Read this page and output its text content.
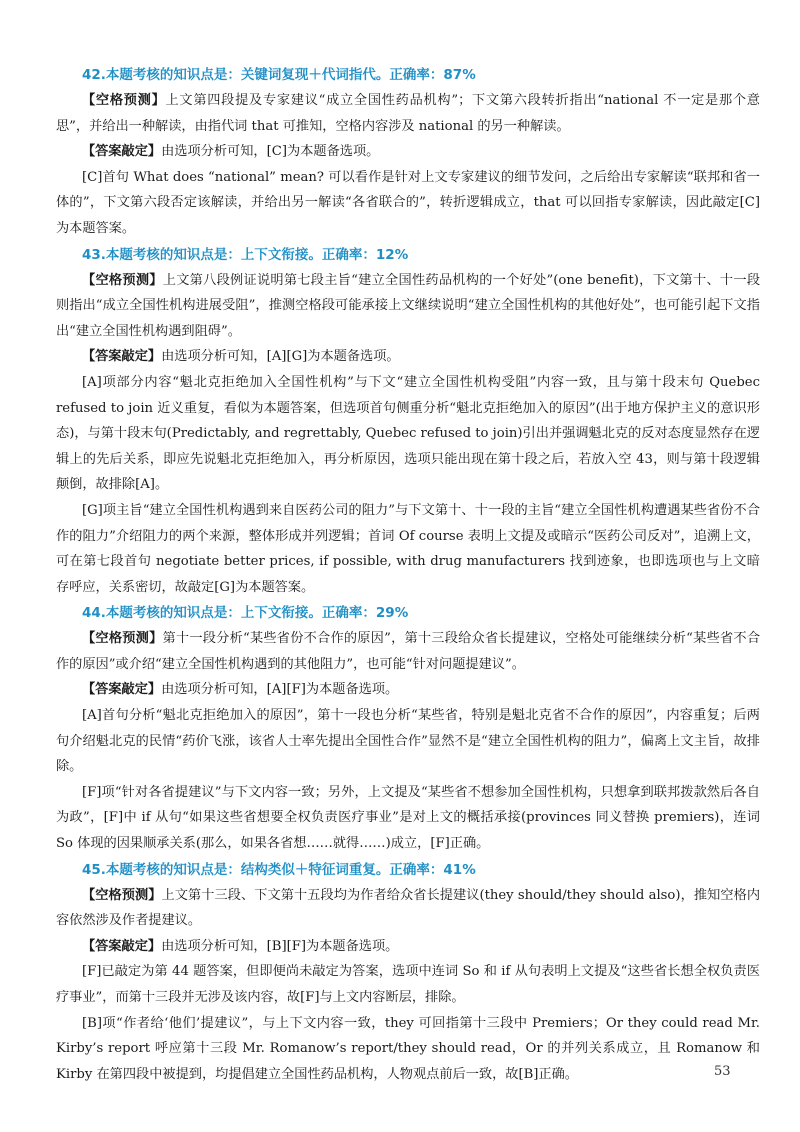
42.本题考核的知识点是：关键词复现＋代词指代。正确率：87%

【空格预测】上文第四段提及专家建议“成立全国性药品机构”；下文第六段转折指出“national 不一定是那个意思”，并给出一种解读，由指代词 that 可推知，空格内容涉及 national 的另一种解读。

【答案敲定】由选项分析可知，[C]为本题备选项。

[C]首句 What does “national” mean? 可以看作是针对上文专家建议的细节发问，之后给出专家解读“联邦和省一体的”，下文第六段否定该解读，并给出另一解读“各省联合的”，转折逻辑成立，that 可以回指专家解读，因此敲定[C]为本题答案。

43.本题考核的知识点是：上下文衔接。正确率：12%

【空格预测】上文第八段例证说明第七段主旨“建立全国性药品机构的一个好处”(one benefit)，下文第十、十一段则指出“成立全国性机构进展受阻”，推测空格段可能承接上文继续说明“建立全国性机构的其他好处”，也可能引起下文指出“建立全国性机构遇到阻碍”。

【答案敲定】由选项分析可知，[A][G]为本题备选项。

[A]项部分内容“魁北克拒绝加入全国性机构”与下文“建立全国性机构受阻”内容一致，且与第十段末句 Quebec refused to join 近义重复，看似为本题答案，但选项首句侧重分析“魁北克拒绝加入的原因”(出于地方保护主义的意识形态)，与第十段末句(Predictably, and regrettably, Quebec refused to join)引出并强调魁北克的反对态度显然存在逻辑上的先后关系，即应先说魁北克拒绝加入，再分析原因，选项只能出现在第十段之后，若放入空 43，则与第十段逻辑颠倒，故排除[A]。

[G]项主旨“建立全国性机构遇到来自医药公司的阻力”与下文第十、十一段的主旨“建立全国性机构遭遇某些省份不合作的阻力”介绍阻力的两个来源，整体形成并列逻辑；首词 Of course 表明上文提及或暗示“医药公司反对”，追溯上文，可在第七段首句 negotiate better prices, if possible, with drug manufacturers 找到迹象，也即选项也与上文暗存呼应，关系密切，故敲定[G]为本题答案。

44.本题考核的知识点是：上下文衔接。正确率：29%

【空格预测】第十一段分析“某些省份不合作的原因”，第十三段给众省长提建议，空格处可能继续分析“某些省不合作的原因”或介绍“建立全国性机构遇到的其他阻力”，也可能“针对问题提建议”。

【答案敲定】由选项分析可知，[A][F]为本题备选项。

[A]首句分析“魁北克拒绝加入的原因”，第十一段也分析“某些省，特别是魁北克省不合作的原因”，内容重复；后两句介绍魁北克的民情“药价飞涨，该省人士率先提出全国性合作”显然不是“建立全国性机构的阻力”，偏离上文主旨，故排除。

[F]项“针对各省提建议”与下文内容一致；另外，上文提及“某些省不想参加全国性机构，只想拿到联邦拨款然后各自为政”，[F]中 if 从句“如果这些省想要全权负责医疗事业”是对上文的概括承接(provinces 同义替换 premiers)，连词 So 体现的因果顺承关系(那么，如果各省想……就得……)成立，[F]正确。

45.本题考核的知识点是：结构类似＋特征词重复。正确率：41%

【空格预测】上文第十三段、下文第十五段均为作者给众省长提建议(they should/they should also)，推知空格内容依然涉及作者提建议。

【答案敲定】由选项分析可知，[B][F]为本题备选项。

[F]已敲定为第 44 题答案，但即便尚未敲定为答案，选项中连词 So 和 if 从句表明上文提及“这些省长想全权负责医疗事业”，而第十三段并无涉及该内容，故[F]与上文内容断层，排除。

[B]项“作者给‘他们’提建议”，与上下文内容一致，they 可回指第十三段中 Premiers；Or they could read Mr. Kirby’s report 呼应第十三段 Mr. Romanow’s report/they should read，Or 的并列关系成立，且 Romanow 和 Kirby 在第四段中被提到，均提倡建立全国性药品机构，人物观点前后一致，故[B]正确。	53
